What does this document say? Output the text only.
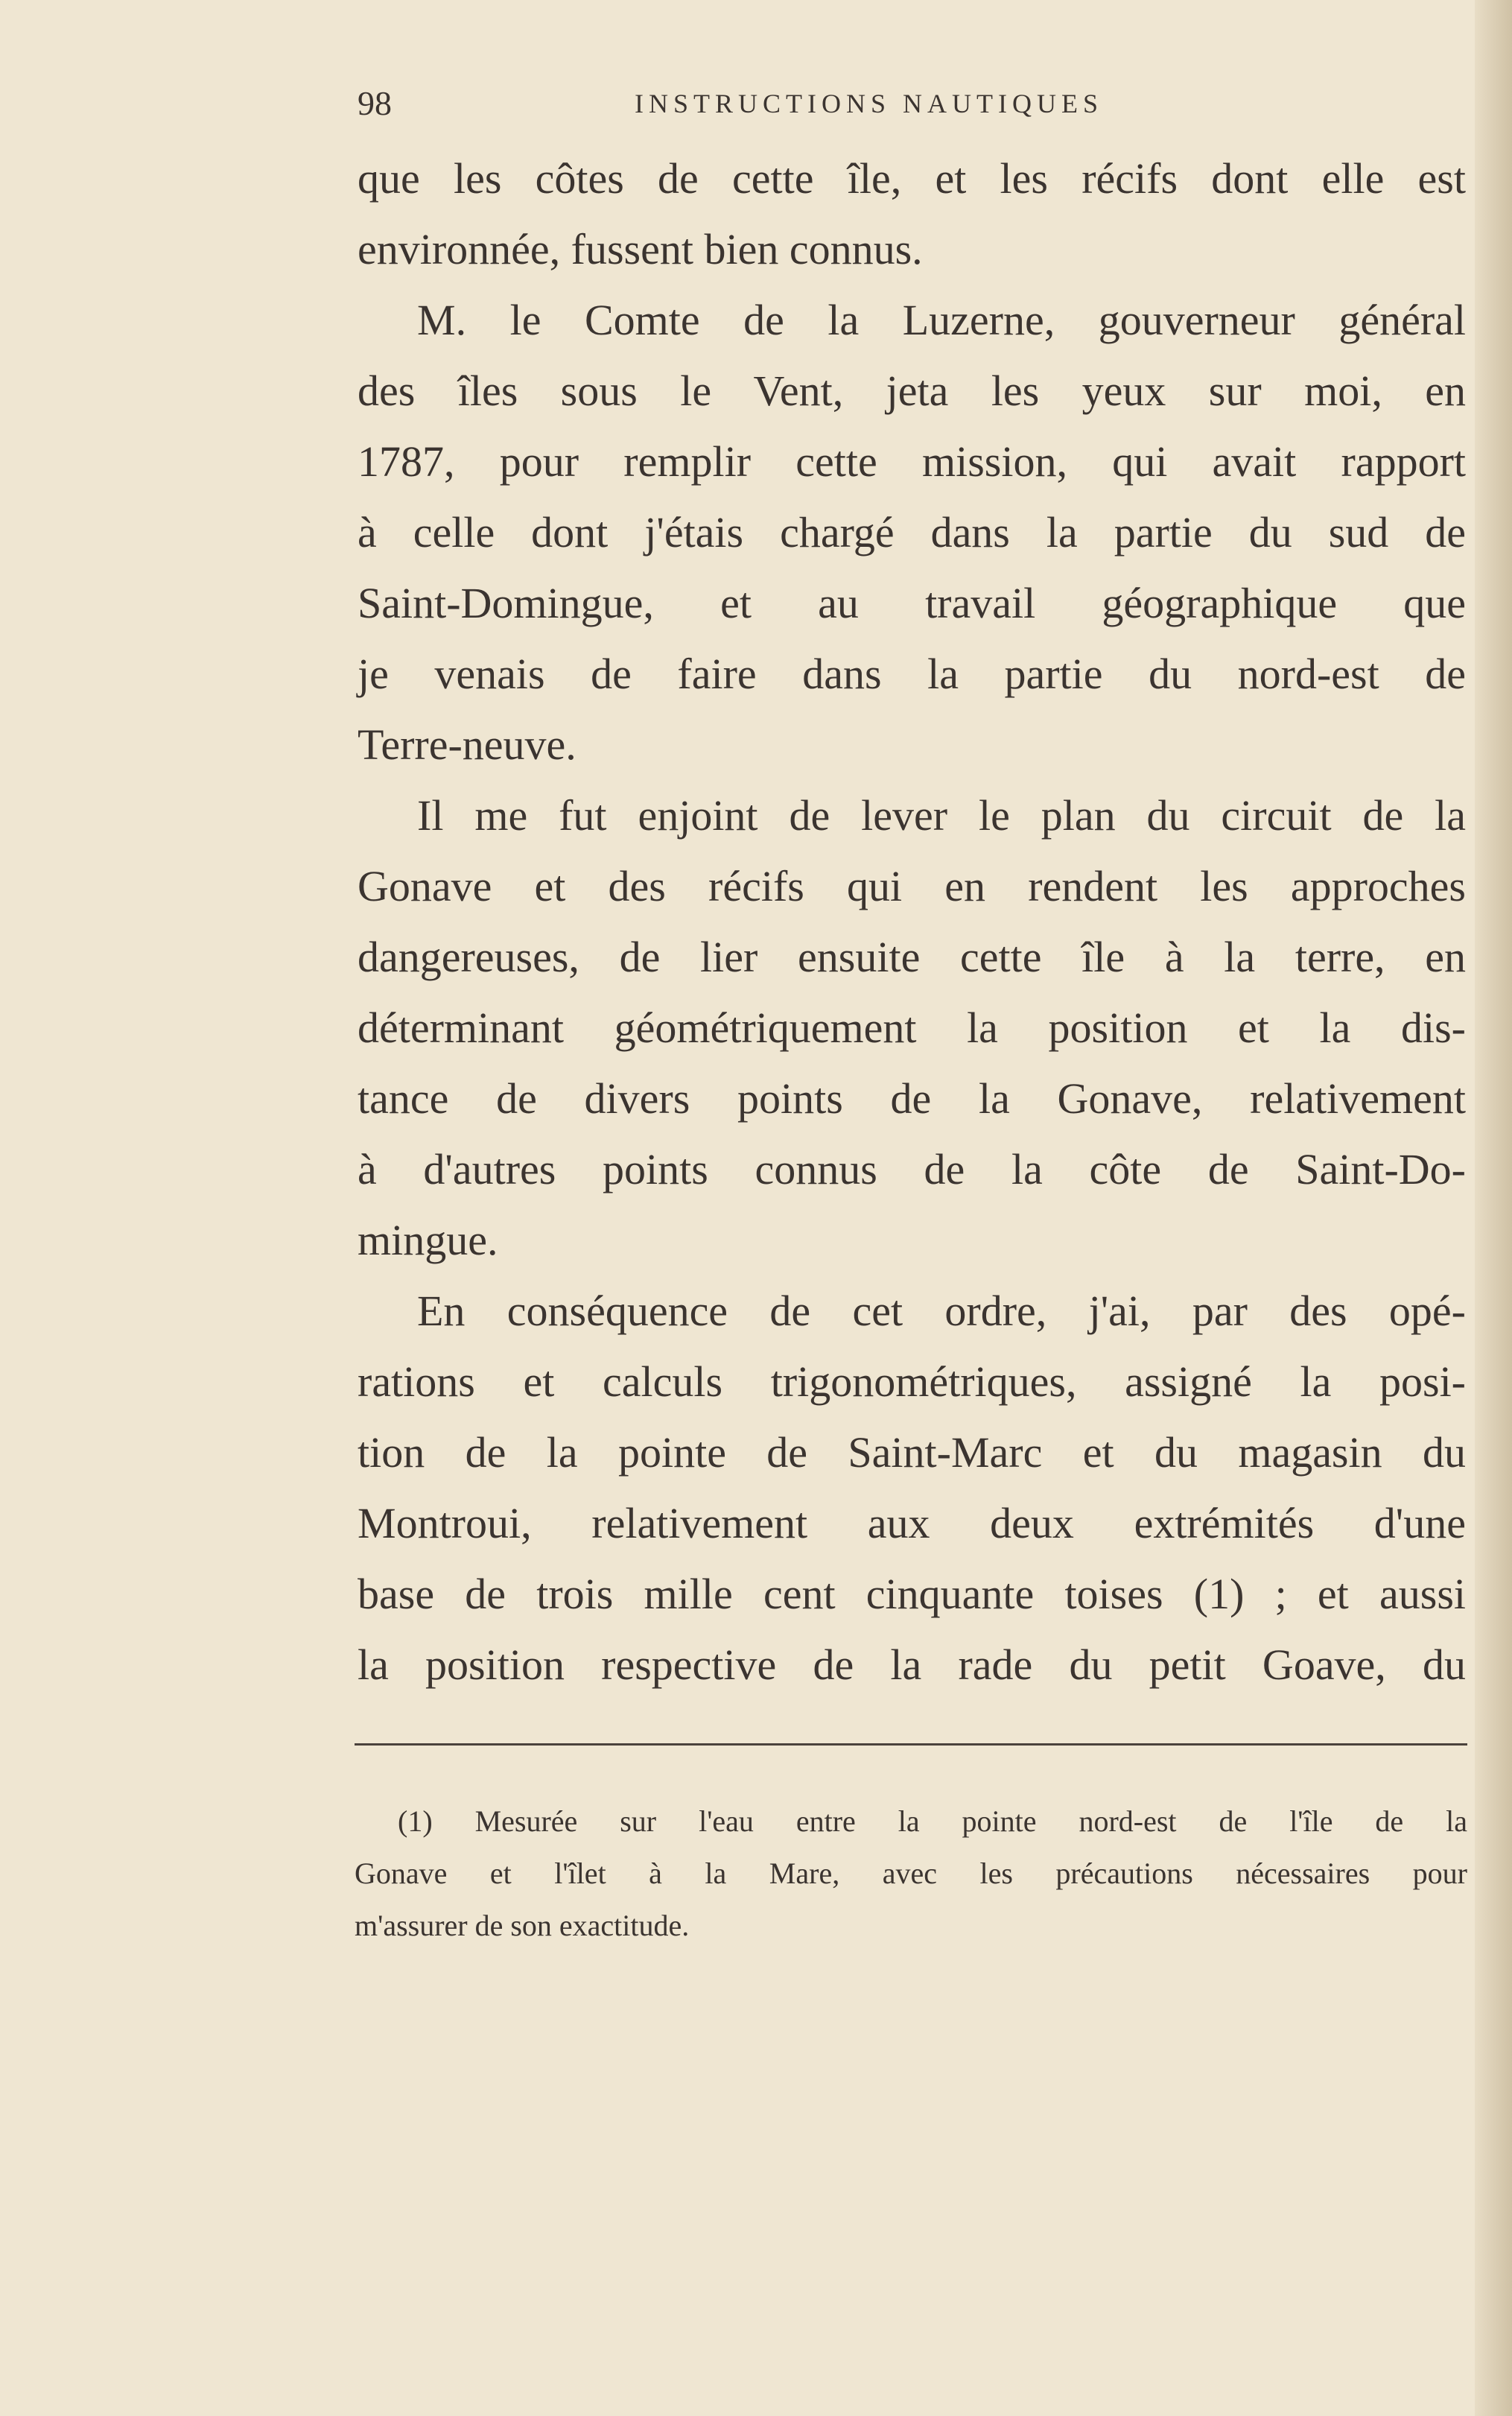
98	INSTRUCTIONS NAUTIQUES
que les côtes de cette île, et les récifs dont elle est
environnée, fussent bien connus.
M. le Comte de la Luzerne, gouverneur général
des îles sous le Vent, jeta les yeux sur moi, en
1787, pour remplir cette mission, qui avait rapport
à celle dont j'étais chargé dans la partie du sud de
Saint-Domingue, et au travail géographique que
je venais de faire dans la partie du nord-est de
Terre-neuve.
Il me fut enjoint de lever le plan du circuit de la
Gonave et des récifs qui en rendent les approches
dangereuses, de lier ensuite cette île à la terre, en
déterminant géométriquement la position et la dis-
tance de divers points de la Gonave, relativement
à d'autres points connus de la côte de Saint-Do-
mingue.
En conséquence de cet ordre, j'ai, par des opé-
rations et calculs trigonométriques, assigné la posi-
tion de la pointe de Saint-Marc et du magasin du
Montroui, relativement aux deux extrémités d'une
base de trois mille cent cinquante toises (1) ; et aussi
la position respective de la rade du petit Goave, du
(1) Mesurée sur l'eau entre la pointe nord-est de l'île de la
Gonave et l'îlet à la Mare, avec les précautions nécessaires pour
m'assurer de son exactitude.
